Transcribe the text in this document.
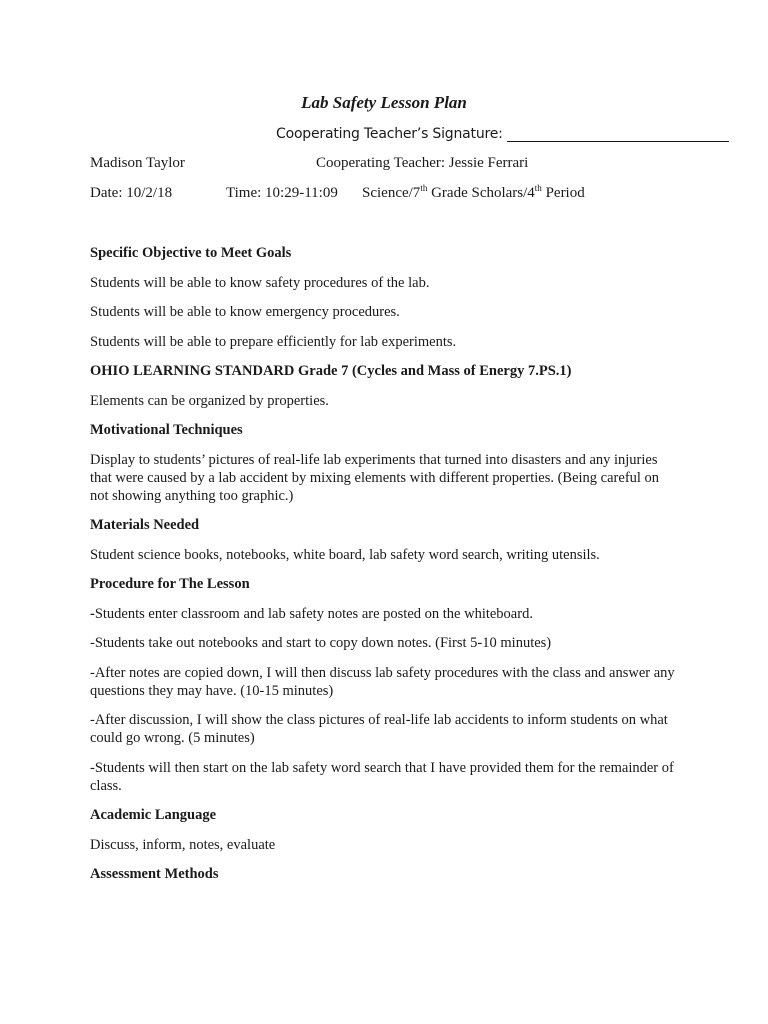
Lab Safety Lesson Plan
Cooperating Teacher’s Signature:
Madison Taylor	Cooperating Teacher: Jessie Ferrari
Date: 10/2/18	Time: 10:29-11:09 Science/7th Grade Scholars/4th Period
Specific Objective to Meet Goals

Students will be able to know safety procedures of the lab.

Students will be able to know emergency procedures.

Students will be able to prepare efficiently for lab experiments.

OHIO LEARNING STANDARD Grade 7 (Cycles and Mass of Energy 7.PS.1)

Elements can be organized by properties.

Motivational Techniques

Display to students’ pictures of real-life lab experiments that turned into disasters and any injuries that were caused by a lab accident by mixing elements with different properties. (Being careful on not showing anything too graphic.)

Materials Needed

Student science books, notebooks, white board, lab safety word search, writing utensils.

Procedure for The Lesson

-Students enter classroom and lab safety notes are posted on the whiteboard.

-Students take out notebooks and start to copy down notes. (First 5-10 minutes)

-After notes are copied down, I will then discuss lab safety procedures with the class and answer any questions they may have. (10-15 minutes)

-After discussion, I will show the class pictures of real-life lab accidents to inform students on what could go wrong. (5 minutes)

-Students will then start on the lab safety word search that I have provided them for the remainder of class.

Academic Language

Discuss, inform, notes, evaluate

Assessment Methods
